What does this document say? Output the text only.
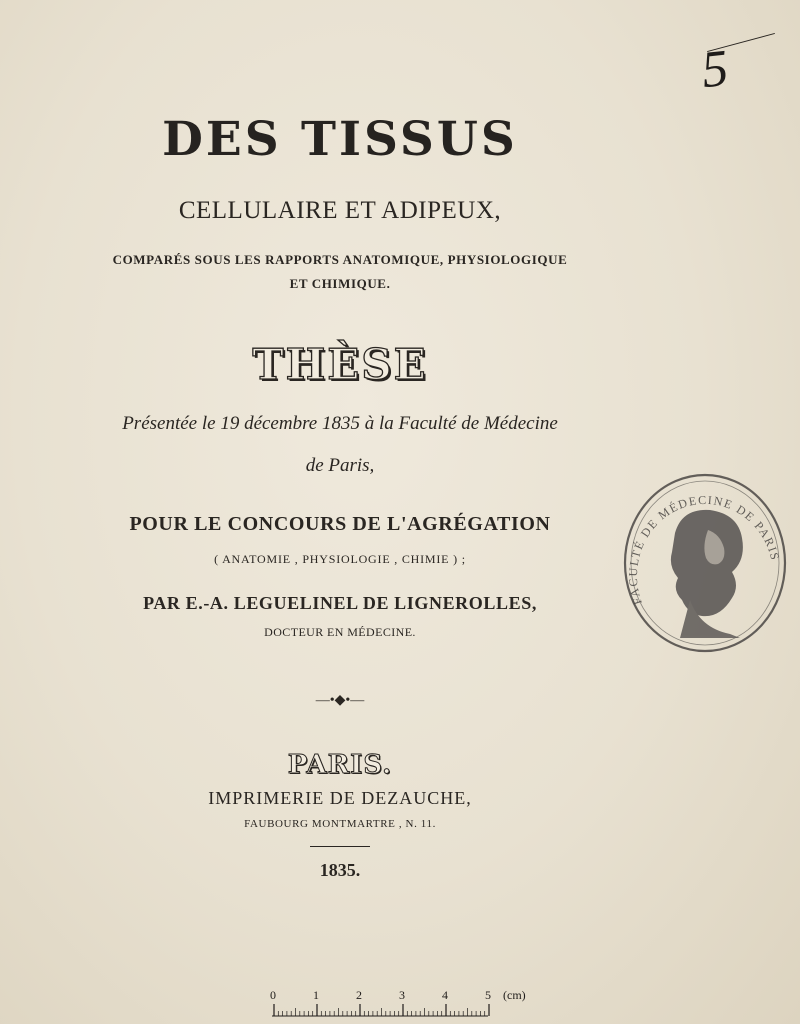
DES TISSUS
CELLULAIRE ET ADIPEUX,
COMPARÉS SOUS LES RAPPORTS ANATOMIQUE, PHYSIOLOGIQUE
ET CHIMIQUE.
THÈSE
Présentée le 19 décembre 1835 à la Faculté de Médecine
de Paris,
POUR LE CONCOURS DE L'AGRÉGATION
( ANATOMIE , PHYSIOLOGIE , CHIMIE ) ;
PAR E.-A. LEGUELINEL DE LIGNEROLLES,
DOCTEUR EN MÉDECINE.
—•◆•—
PARIS.
IMPRIMERIE DE DEZAUCHE,
FAUBOURG MONTMARTRE , N. 11.
1835.
5
FACULTÉ DE MÉDECINE DE PARIS
0	1	2	3	4	5 (cm)
